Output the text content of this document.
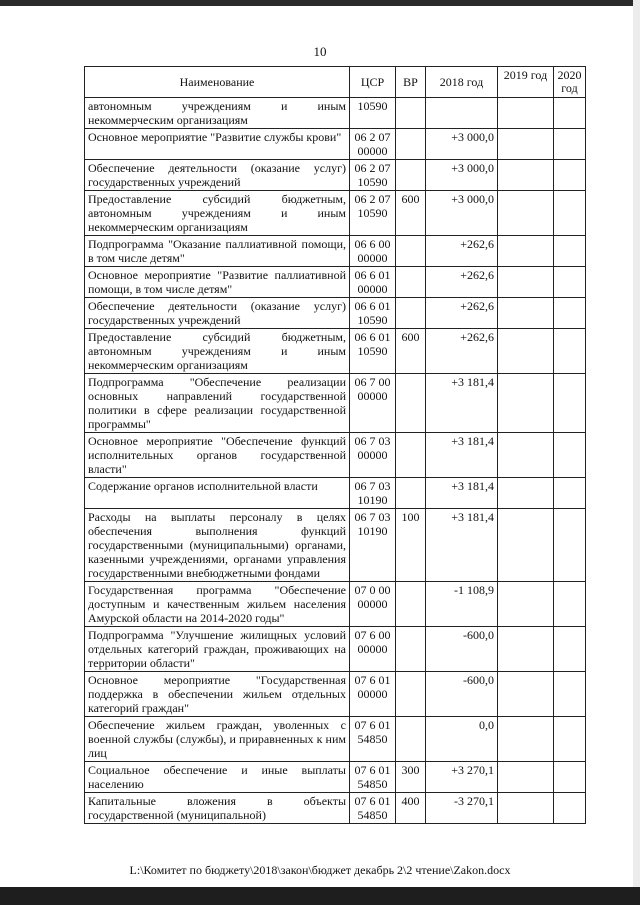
10
Наименование	ЦСР	ВР	2018 год	2019 год	2020 год
автономным учреждениям и иным некоммерческим организациям	10590				
Основное мероприятие "Развитие службы крови"	06 2 07 00000		+3 000,0		
Обеспечение деятельности (оказание услуг) государственных учреждений	06 2 07 10590		+3 000,0		
Предоставление субсидий бюджетным, автономным учреждениям и иным некоммерческим организациям	06 2 07 10590	600	+3 000,0		
Подпрограмма "Оказание паллиативной помощи, в том числе детям"	06 6 00 00000		+262,6		
Основное мероприятие "Развитие паллиативной помощи, в том числе детям"	06 6 01 00000		+262,6		
Обеспечение деятельности (оказание услуг) государственных учреждений	06 6 01 10590		+262,6		
Предоставление субсидий бюджетным, автономным учреждениям и иным некоммерческим организациям	06 6 01 10590	600	+262,6		
Подпрограмма "Обеспечение реализации основных направлений государственной политики в сфере реализации государственной программы"	06 7 00 00000		+3 181,4		
Основное мероприятие "Обеспечение функций исполнительных органов государственной власти"	06 7 03 00000		+3 181,4		
Содержание органов исполнительной власти	06 7 03 10190		+3 181,4		
Расходы на выплаты персоналу в целях обеспечения выполнения функций государственными (муниципальными) органами, казенными учреждениями, органами управления государственными внебюджетными фондами	06 7 03 10190	100	+3 181,4		
Государственная программа "Обеспечение доступным и качественным жильем населения Амурской области на 2014-2020 годы"	07 0 00 00000		-1 108,9		
Подпрограмма "Улучшение жилищных условий отдельных категорий граждан, проживающих на территории области"	07 6 00 00000		-600,0		
Основное мероприятие "Государственная поддержка в обеспечении жильем отдельных категорий граждан"	07 6 01 00000		-600,0		
Обеспечение жильем граждан, уволенных с военной службы (службы), и приравненных к ним лиц	07 6 01 54850		0,0		
Социальное обеспечение и иные выплаты населению	07 6 01 54850	300	+3 270,1		
Капитальные вложения в объекты государственной (муниципальной)	07 6 01 54850	400	-3 270,1		
L:\Комитет по бюджету\2018\закон\бюджет декабрь 2\2 чтение\Zakon.docx
